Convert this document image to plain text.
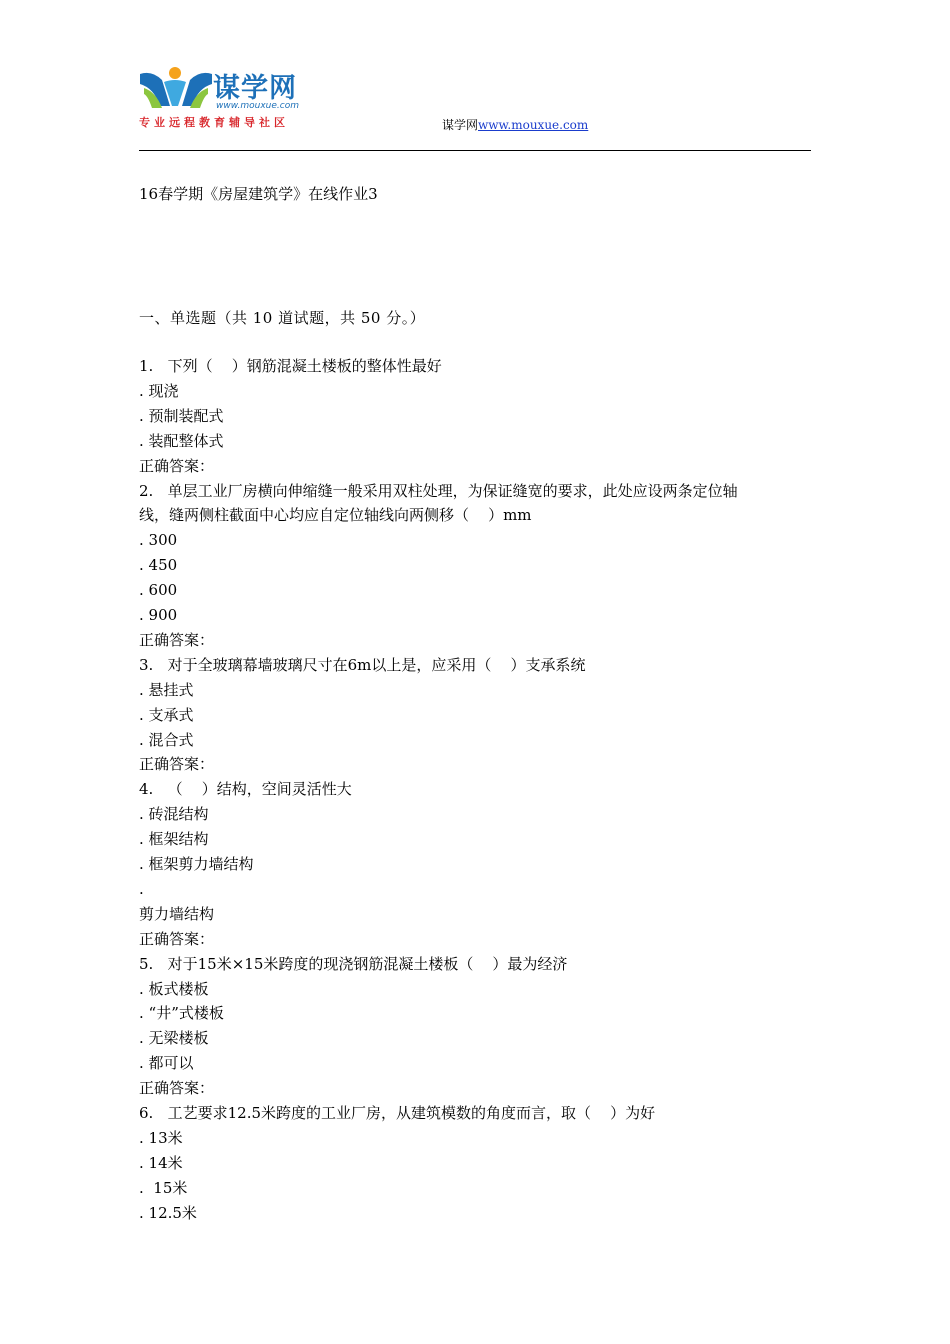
谋学网
www.mouxue.com
专业远程教育辅导社区	谋学网www.mouxue.com
16春学期《房屋建筑学》在线作业3
一、单选题（共 10 道试题，共 50 分。）
1.   下列（    ）钢筋混凝土楼板的整体性最好
. 现浇
. 预制装配式
. 装配整体式
正确答案：
2.   单层工业厂房横向伸缩缝一般采用双柱处理，为保证缝宽的要求，此处应设两条定位轴
线，缝两侧柱截面中心均应自定位轴线向两侧移（    ）mm
. 300
. 450
. 600
. 900
正确答案：
3.   对于全玻璃幕墙玻璃尺寸在6m以上是，应采用（    ）支承系统
. 悬挂式
. 支承式
. 混合式
正确答案：
4.   （    ）结构，空间灵活性大
. 砖混结构
. 框架结构
. 框架剪力墙结构
.
剪力墙结构
正确答案：
5.   对于15米×15米跨度的现浇钢筋混凝土楼板（    ）最为经济
. 板式楼板
. “井”式楼板
. 无梁楼板
. 都可以
正确答案：
6.   工艺要求12.5米跨度的工业厂房，从建筑模数的角度而言，取（    ）为好
. 13米
. 14米
.  15米
. 12.5米
